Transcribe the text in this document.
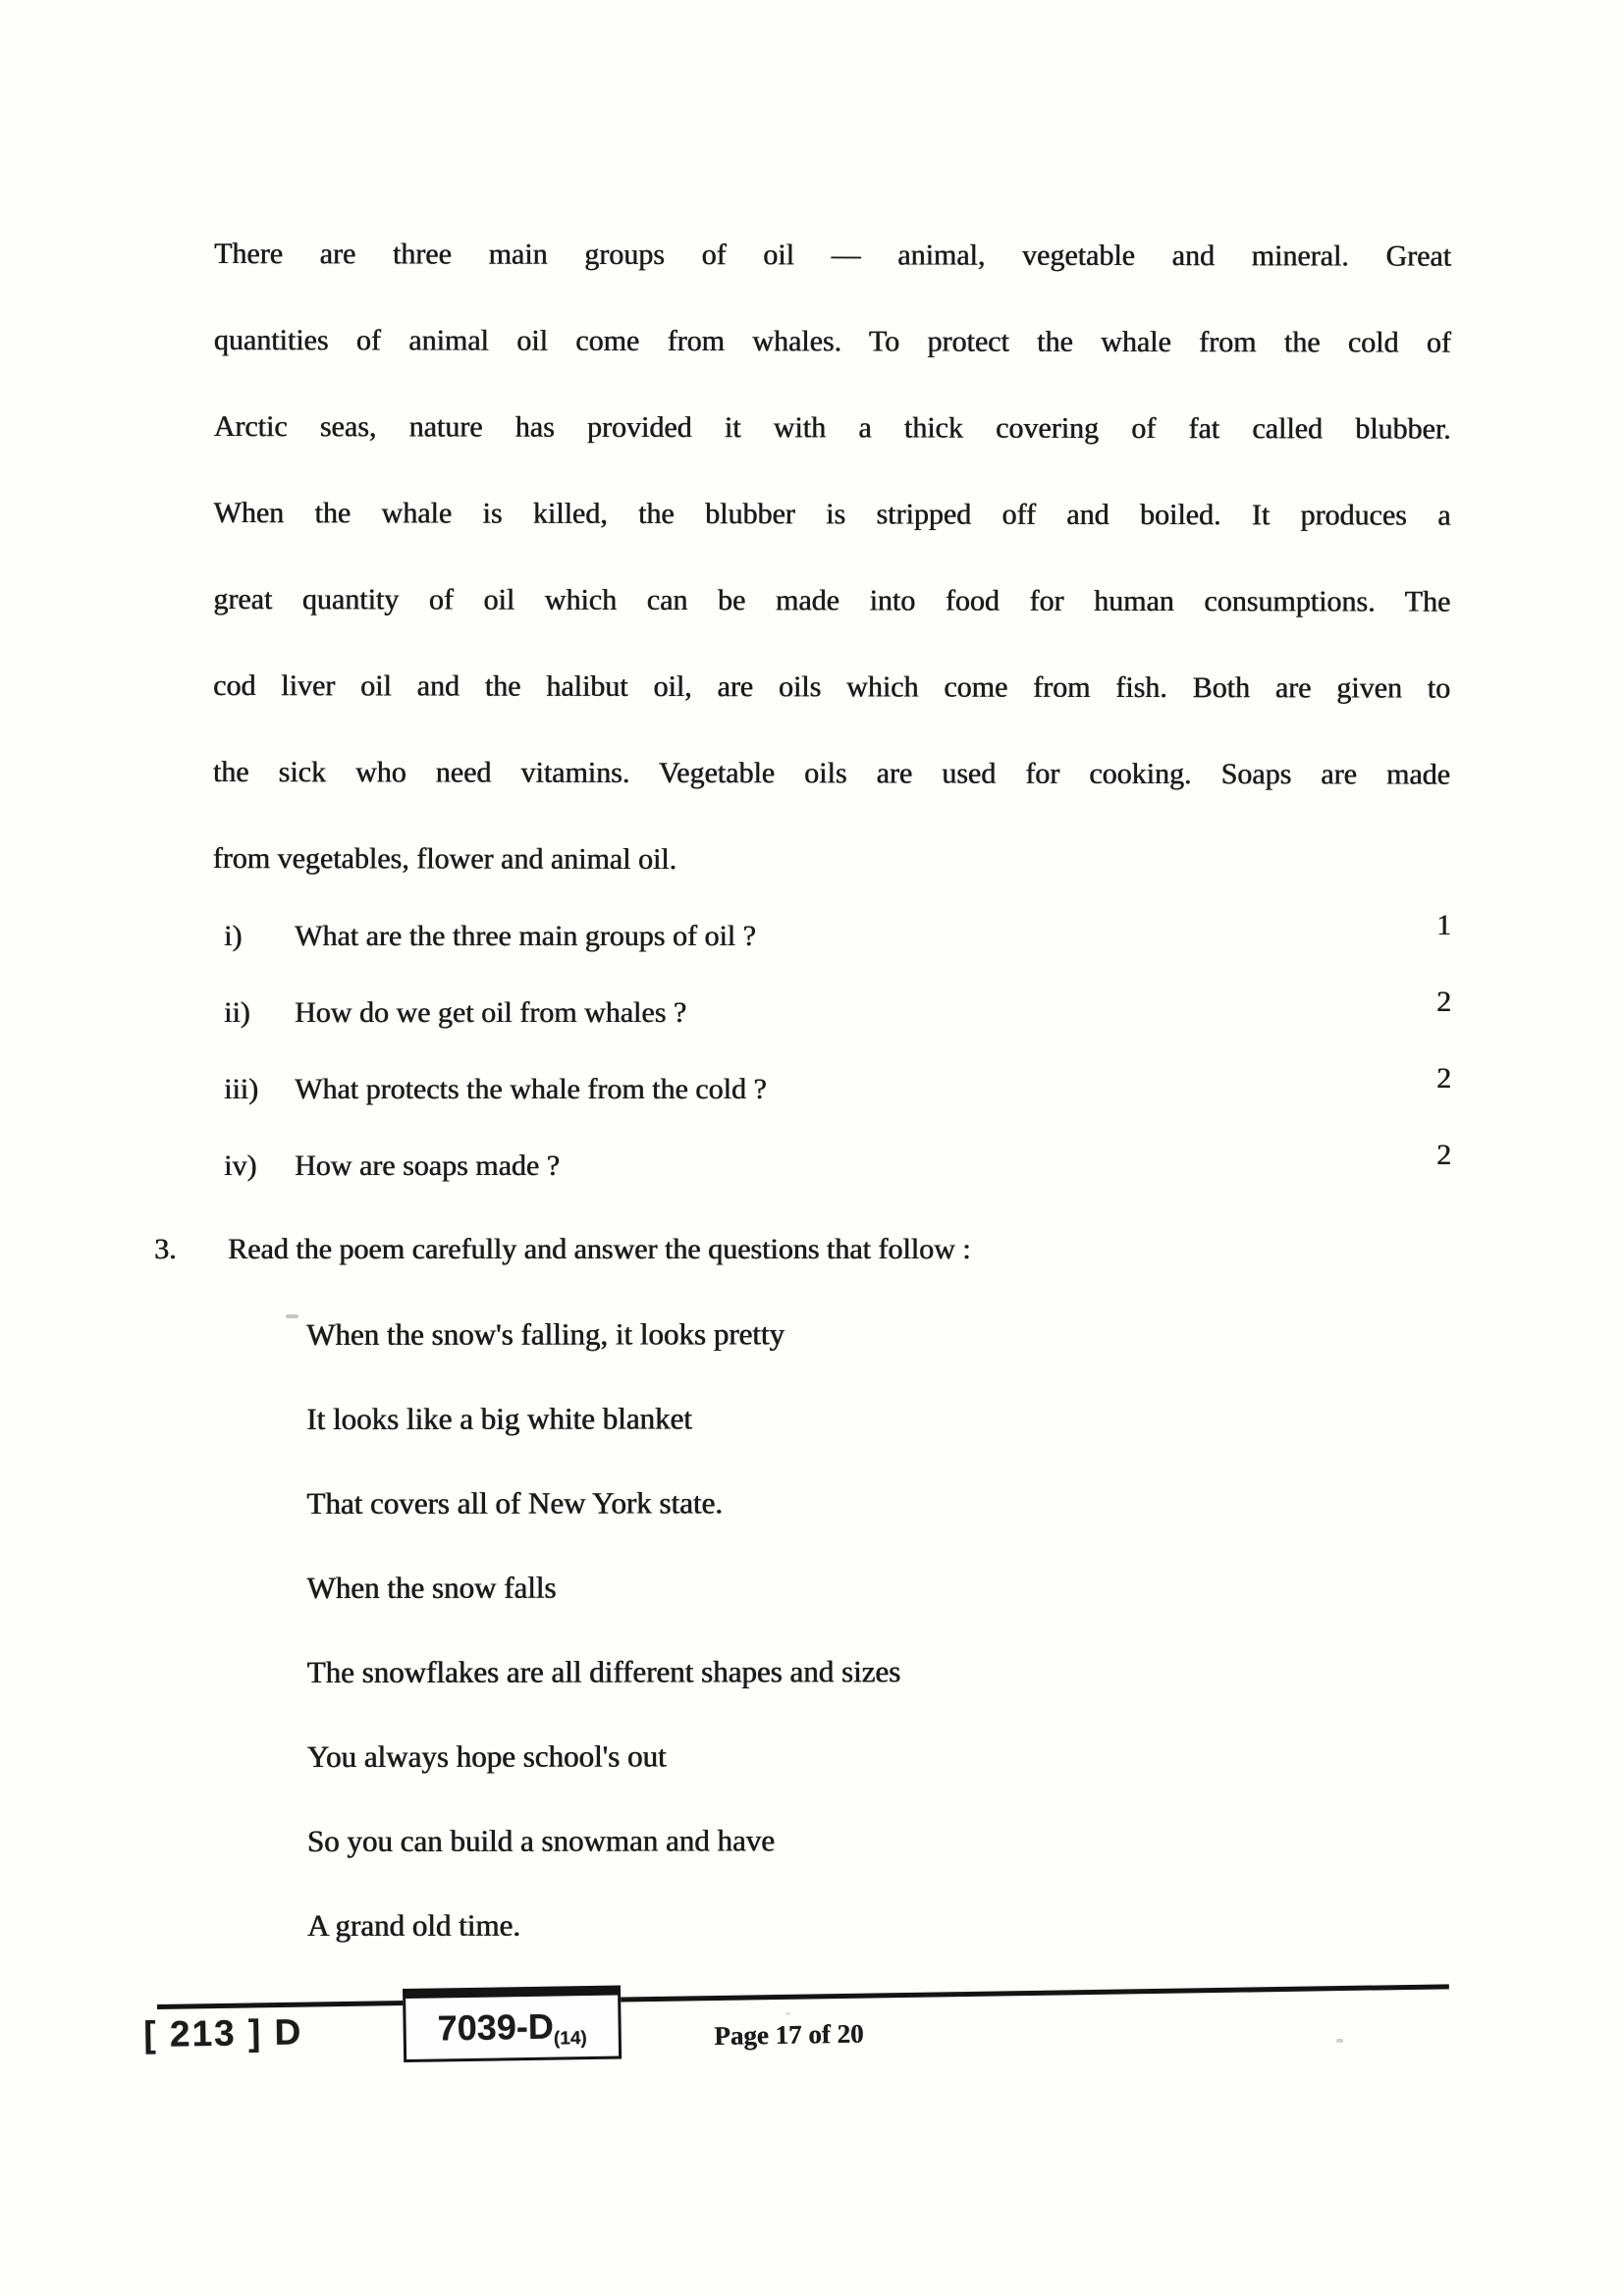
There are three main groups of oil — animal, vegetable and mineral. Great

quantities of animal oil come from whales. To protect the whale from the cold of

Arctic seas, nature has provided it with a thick covering of fat called blubber.

When the whale is killed, the blubber is stripped off and boiled. It produces a

great quantity of oil which can be made into food for human consumptions. The

cod liver oil and the halibut oil, are oils which come from fish. Both are given to

the sick who need vitamins. Vegetable oils are used for cooking. Soaps are made

from vegetables, flower and animal oil.

i)	What are the three main groups of oil ?	1
ii)	How do we get oil from whales ?	2
iii)	What protects the whale from the cold ?	2
iv)	How are soaps made ?	2
3.	Read the poem carefully and answer the questions that follow :

When the snow's falling, it looks pretty

It looks like a big white blanket

That covers all of New York state.

When the snow falls

The snowflakes are all different shapes and sizes

You always hope school's out

So you can build a snowman and have

A grand old time.

[ 213 ] D	7039-D (14)	Page 17 of 20
